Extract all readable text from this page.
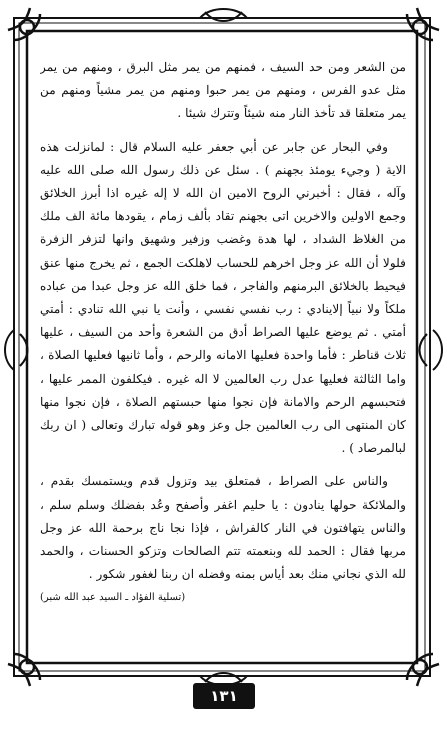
من الشعر ومن حد السيف ، فمنهم من يمر مثل البرق ، ومنهم من يمر مثل عدو الفرس ، ومنهم من يمر حبوا ومنهم من يمر مشياً ومنهم من يمر متعلقا قد تأخذ النار منه شيئاً وتترك شيئا .

وفي البحار عن جابر عن أبي جعفر عليه السلام قال : لمانزلت هذه الاية ( وجيء يومئذ بجهنم ) . سئل عن ذلك رسول الله صلى الله عليه وآله ، فقال : أخبرني الروح الامين ان الله لا إله غيره اذا أبرز الخلائق وجمع الاولين والاخرين اتى بجهنم تقاد بألف زمام ، يقودها مائة الف ملك من الغلاظ الشداد ، لها هدة وغضب وزفير وشهيق وانها لتزفر الزفرة فلولا أن الله عز وجل اخرهم للحساب لاهلكت الجمع ، ثم يخرج منها عنق فيحيط بالخلائق البرمنهم والفاجر ، فما خلق الله عز وجل عبدا من عباده ملكاً ولا نبياً إلاينادي : رب نفسي نفسي ، وأنت يا نبي الله تنادي : أمتي أمتي . ثم يوضع عليها الصراط أدق من الشعرة وأحد من السيف ، عليها ثلاث قناطر : فأما واحدة فعليها الامانه والرحم ، وأما ثانيها فعليها الصلاة ، واما الثالثة فعليها عدل رب العالمين لا اله غيره . فيكلفون الممر عليها ، فتحبسهم الرحم والامانة فإن نجوا منها حبستهم الصلاة ، فإن نجوا منها كان المنتهى الى رب العالمين جل وعز وهو قوله تبارك وتعالى ( ان ربك لبالمرصاد ) .

والناس على الصراط ، فمتعلق بيد وتزول قدم ويستمسك بقدم ، والملائكة حولها ينادون : يا حليم اغفر وأصفح وعُد بفضلك وسلم سلم ، والناس يتهافتون في النار كالفراش ، فإذا نجا ناج برحمة الله عز وجل مربها فقال : الحمد لله وبنعمته تتم الصالحات وتزكو الحسنات ، والحمد لله الذي نجاني منك بعد أياس بمنه وفضله ان ربنا لغفور شكور .
(تسلية الفؤاد ـ السيد عبد الله شبر)

١٣١
